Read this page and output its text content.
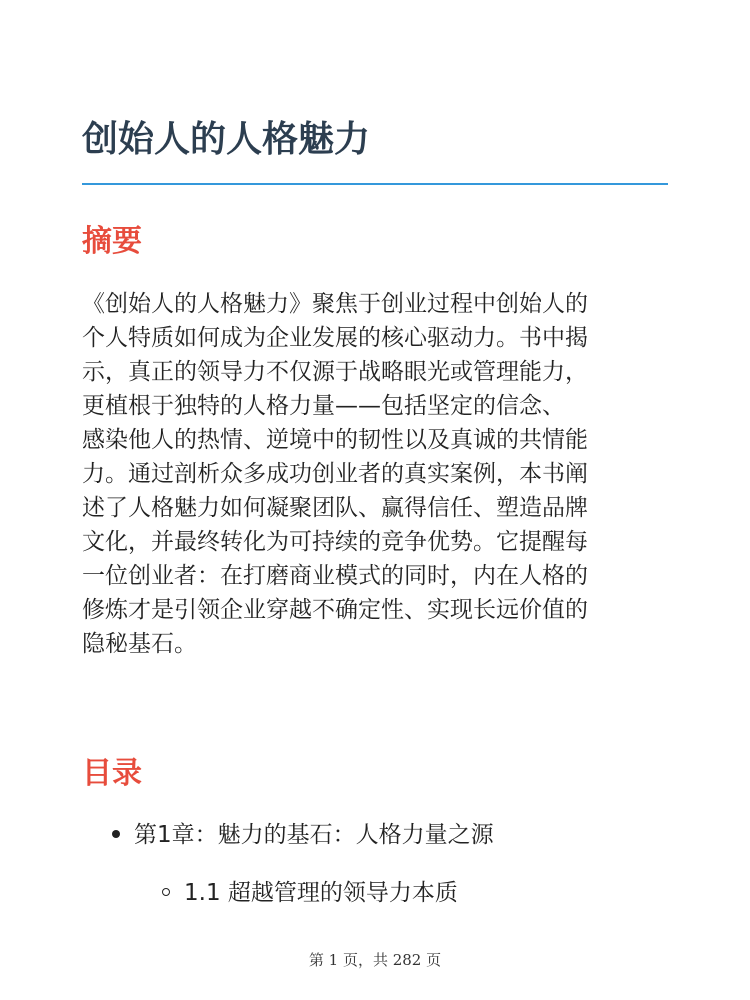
创始人的人格魅力
摘要
《创始人的人格魅力》聚焦于创业过程中创始人的
个人特质如何成为企业发展的核心驱动力。书中揭
示，真正的领导力不仅源于战略眼光或管理能力，
更植根于独特的人格力量——包括坚定的信念、
感染他人的热情、逆境中的韧性以及真诚的共情能
力。通过剖析众多成功创业者的真实案例，本书阐
述了人格魅力如何凝聚团队、赢得信任、塑造品牌
文化，并最终转化为可持续的竞争优势。它提醒每
一位创业者：在打磨商业模式的同时，内在人格的
修炼才是引领企业穿越不确定性、实现长远价值的
隐秘基石。
目录
第1章：魅力的基石：人格力量之源
1.1 超越管理的领导力本质
第 1 页，共 282 页
